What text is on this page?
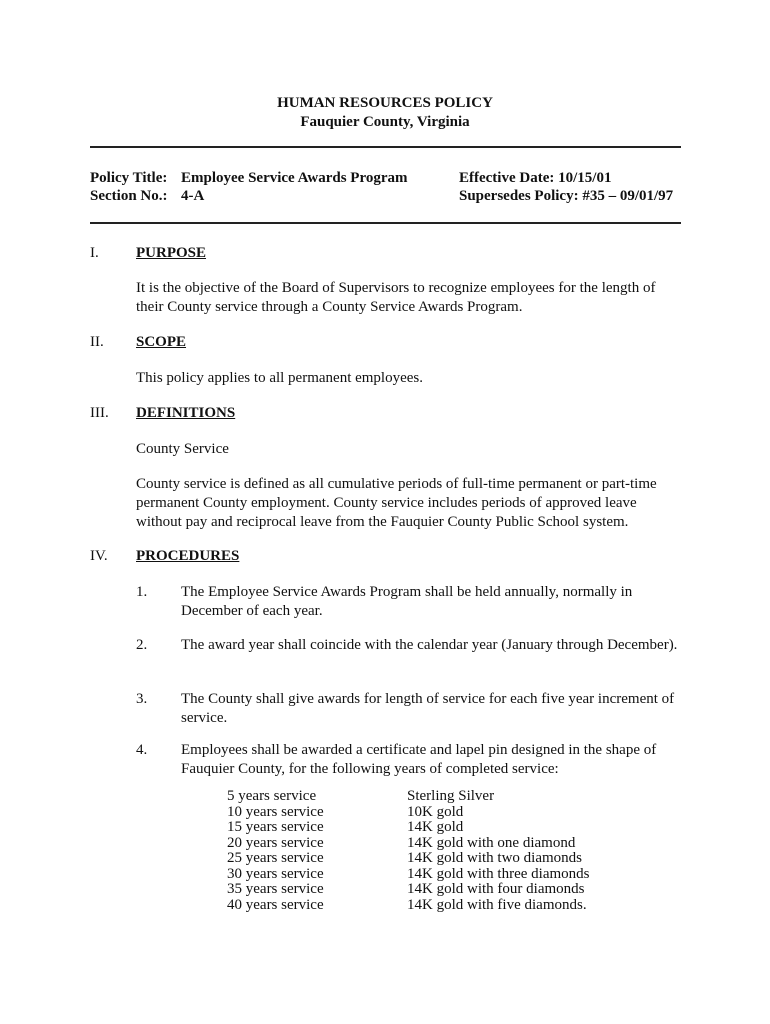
HUMAN RESOURCES POLICY
Fauquier County, Virginia
Policy Title: Employee Service Awards Program
Section No.: 4-A
Effective Date: 10/15/01
Supersedes Policy: #35 – 09/01/97
I. PURPOSE
It is the objective of the Board of Supervisors to recognize employees for the length of their County service through a County Service Awards Program.
II. SCOPE
This policy applies to all permanent employees.
III. DEFINITIONS
County Service
County service is defined as all cumulative periods of full-time permanent or part-time permanent County employment. County service includes periods of approved leave without pay and reciprocal leave from the Fauquier County Public School system.
IV. PROCEDURES
1. The Employee Service Awards Program shall be held annually, normally in December of each year.
2. The award year shall coincide with the calendar year (January through December).
3. The County shall give awards for length of service for each five year increment of service.
4. Employees shall be awarded a certificate and lapel pin designed in the shape of Fauquier County, for the following years of completed service:
5 years service	Sterling Silver
10 years service	10K gold
15 years service	14K gold
20 years service	14K gold with one diamond
25 years service	14K gold with two diamonds
30 years service	14K gold with three diamonds
35 years service	14K gold with four diamonds
40 years service	14K gold with five diamonds.
